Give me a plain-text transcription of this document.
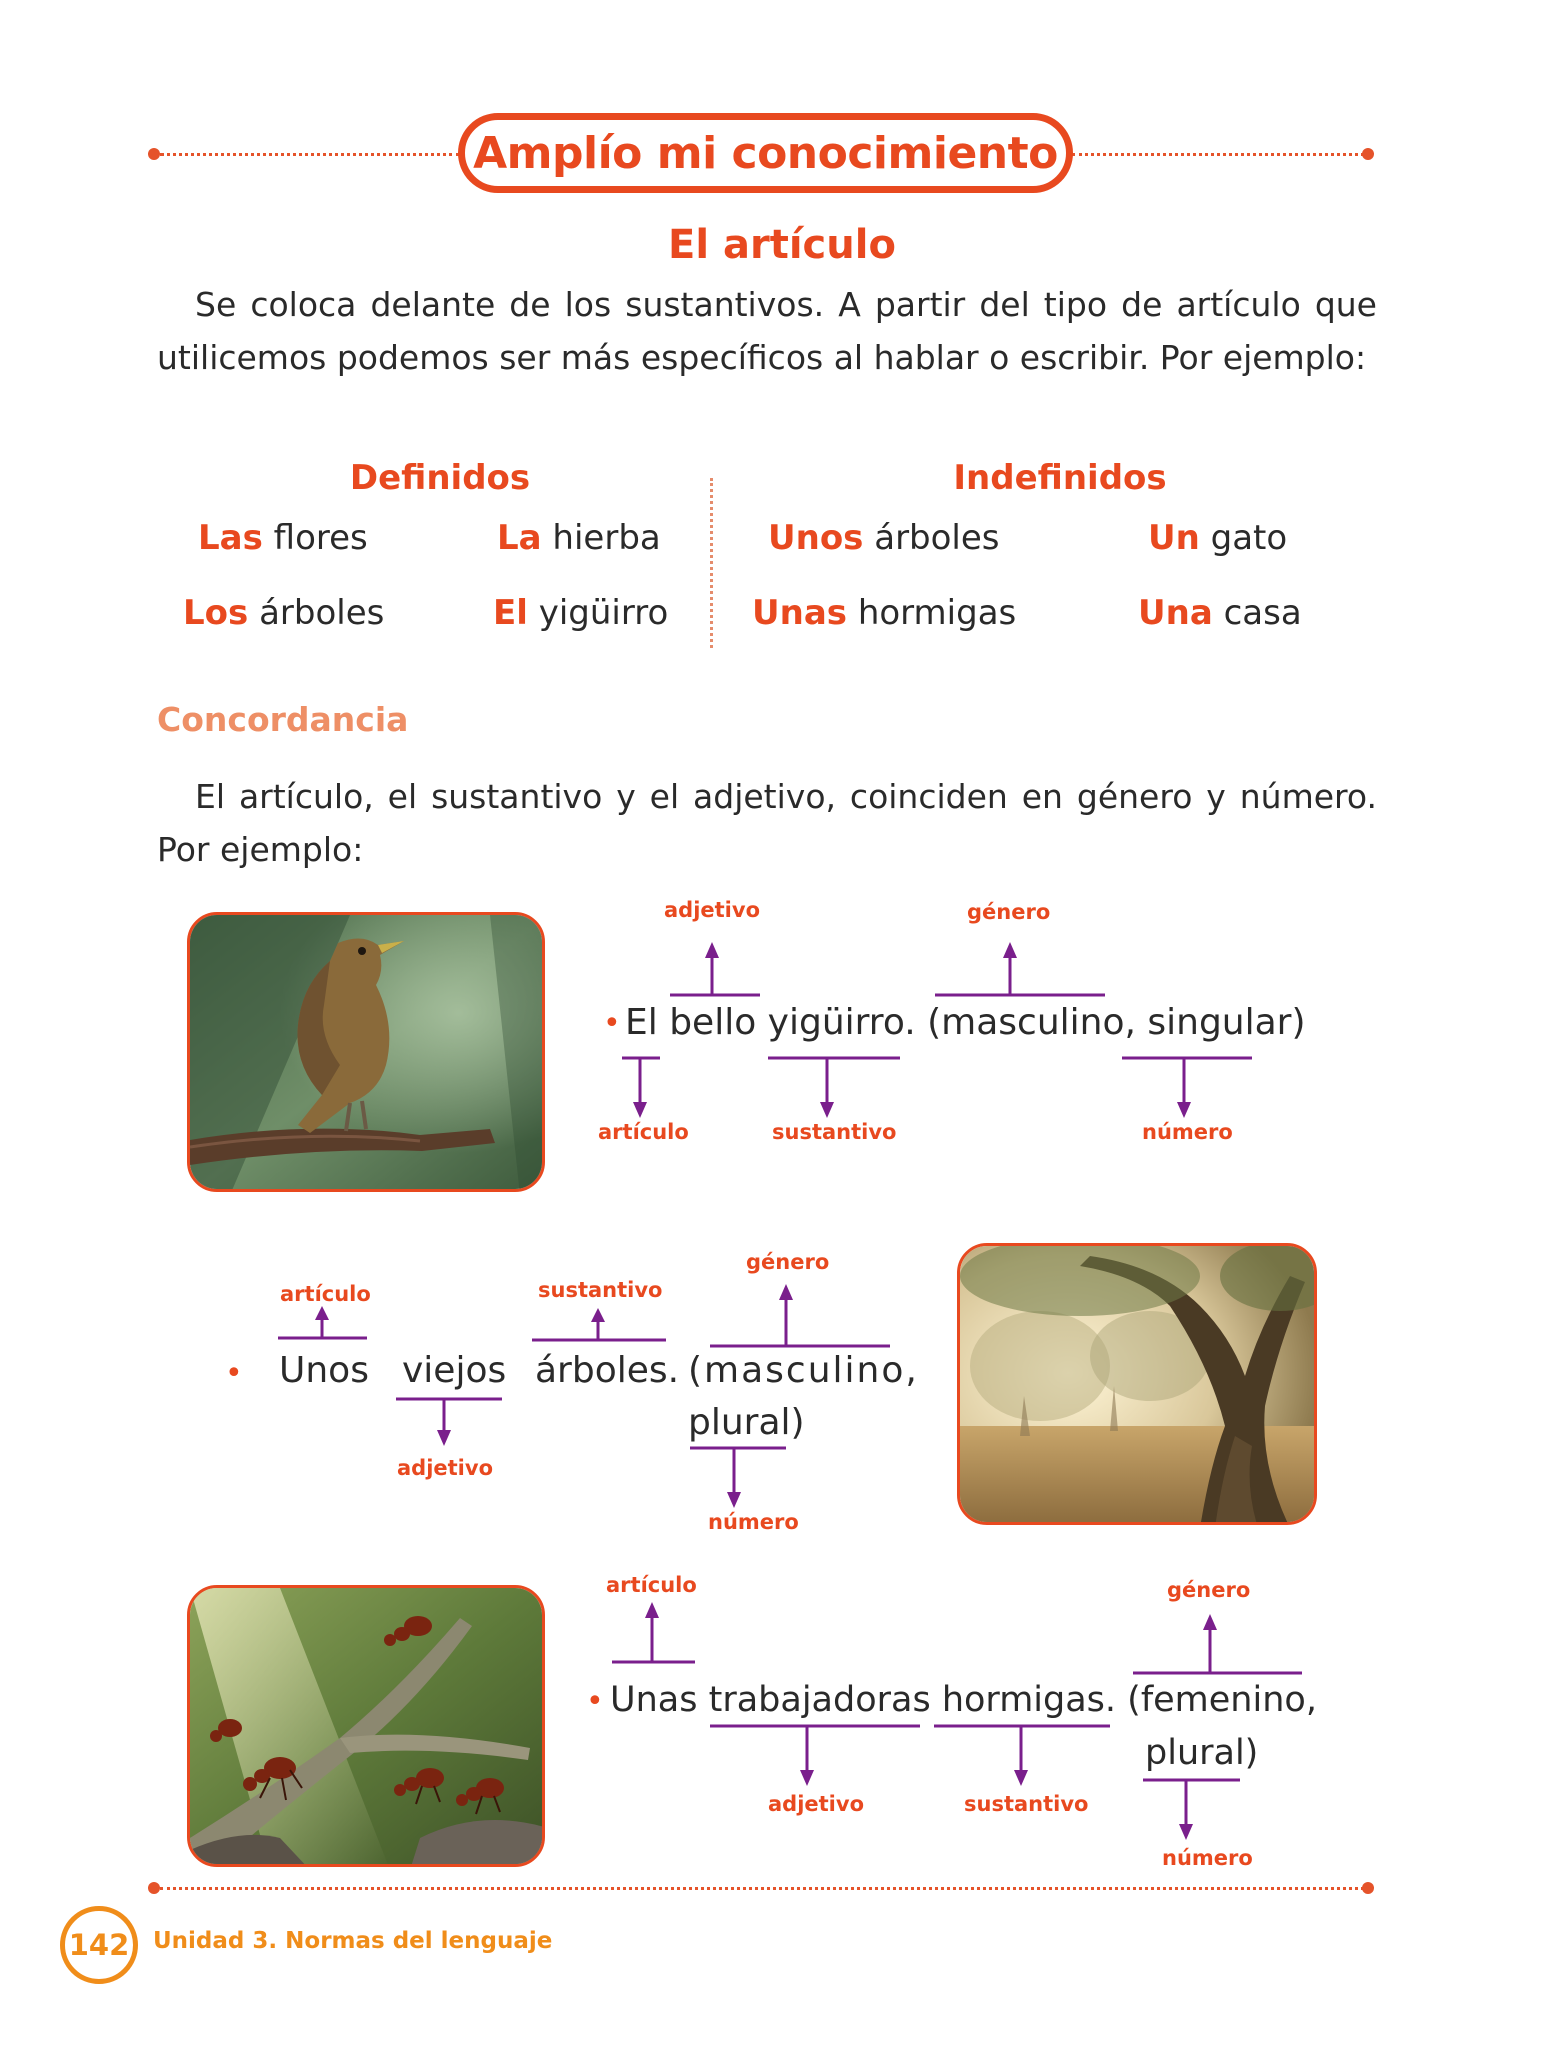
Amplío mi conocimiento
El artículo
Se coloca delante de los sustantivos. A partir del tipo de artículo que utilicemos podemos ser más específicos al hablar o escribir. Por ejemplo:
Definidos	Indefinidos
Las flores	La hierba
Los árboles	El yigüirro
Unos árboles	Un gato
Unas hormigas	Una casa
Concordancia
El artículo, el sustantivo y el adjetivo, coinciden en género y número. Por ejemplo:
adjetivo	género
• El bello yigüirro. (masculino, singular)
artículo	sustantivo	número
artículo	sustantivo
género
• Unos viejos árboles. (masculino,
plural)
adjetivo
número
artículo	género
• Unas trabajadoras hormigas. (femenino,
plural)
adjetivo	sustantivo
número
142	Unidad 3. Normas del lenguaje
